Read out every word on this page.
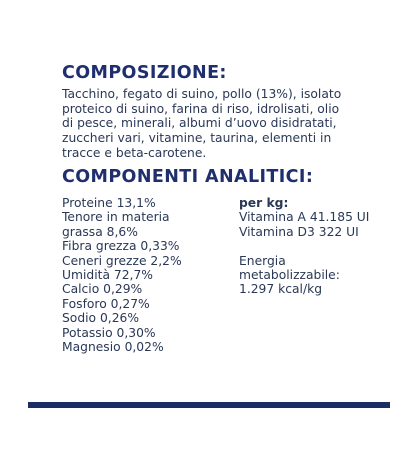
COMPOSIZIONE:
Tacchino, fegato di suino, pollo (13%), isolato
proteico di suino, farina di riso, idrolisati, olio
di pesce, minerali, albumi d’uovo disidratati,
zuccheri vari, vitamine, taurina, elementi in
tracce e beta-carotene.
COMPONENTI ANALITICI:
Proteine 13,1%
Tenore in materia
grassa 8,6%
Fibra grezza 0,33%
Ceneri grezze 2,2%
Umidità 72,7%
Calcio 0,29%
Fosforo 0,27%
Sodio 0,26%
Potassio 0,30%
Magnesio 0,02%
per kg:
Vitamina A 41.185 UI
Vitamina D3 322 UI
Energia
metabolizzabile:
1.297 kcal/kg
